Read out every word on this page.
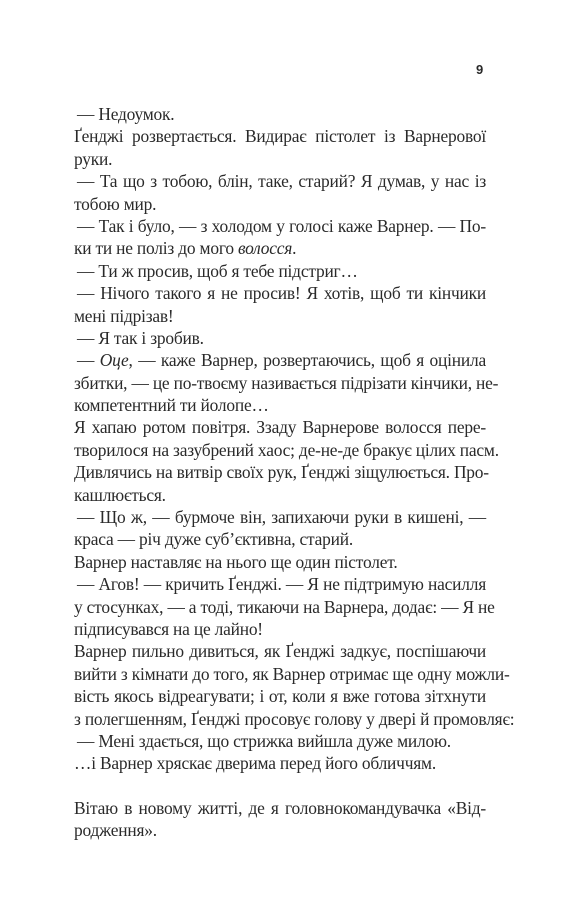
9
— Недоумок.
Ґенджі розвертається. Видирає пістолет із Варнерової
руки.
— Та що з тобою, блін, таке, старий? Я думав, у нас із
тобою мир.
— Так і було, — з холодом у голосі каже Варнер. — По-
ки ти не поліз до мого волосся.
— Ти ж просив, щоб я тебе підстриг…
— Нічого такого я не просив! Я хотів, щоб ти кінчики
мені підрізав!
— Я так і зробив.
— Оце, — каже Варнер, розвертаючись, щоб я оцінила
збитки, — це по-твоєму називається підрізати кінчики, не-
компетентний ти йолопе…
Я хапаю ротом повітря. Ззаду Варнерове волосся пере-
творилося на зазубрений хаос; де-не-де бракує цілих пасм.
Дивлячись на витвір своїх рук, Ґенджі зіщулюється. Про-
кашлюється.
— Що ж, — бурмоче він, запихаючи руки в кишені, —
краса — річ дуже суб’єктивна, старий.
Варнер наставляє на нього ще один пістолет.
— Агов! — кричить Ґенджі. — Я не підтримую насилля
у стосунках, — а тоді, тикаючи на Варнера, додає: — Я не
підписувався на це лайно!
Варнер пильно дивиться, як Ґенджі задкує, поспішаючи
вийти з кімнати до того, як Варнер отримає ще одну можли-
вість якось відреагувати; і от, коли я вже готова зітхнути
з полегшенням, Ґенджі просовує голову у двері й промовляє:
— Мені здається, що стрижка вийшла дуже милою.
…і Варнер хряскає дверима перед його обличчям.
Вітаю в новому житті, де я головнокомандувачка «Від-
родження».
